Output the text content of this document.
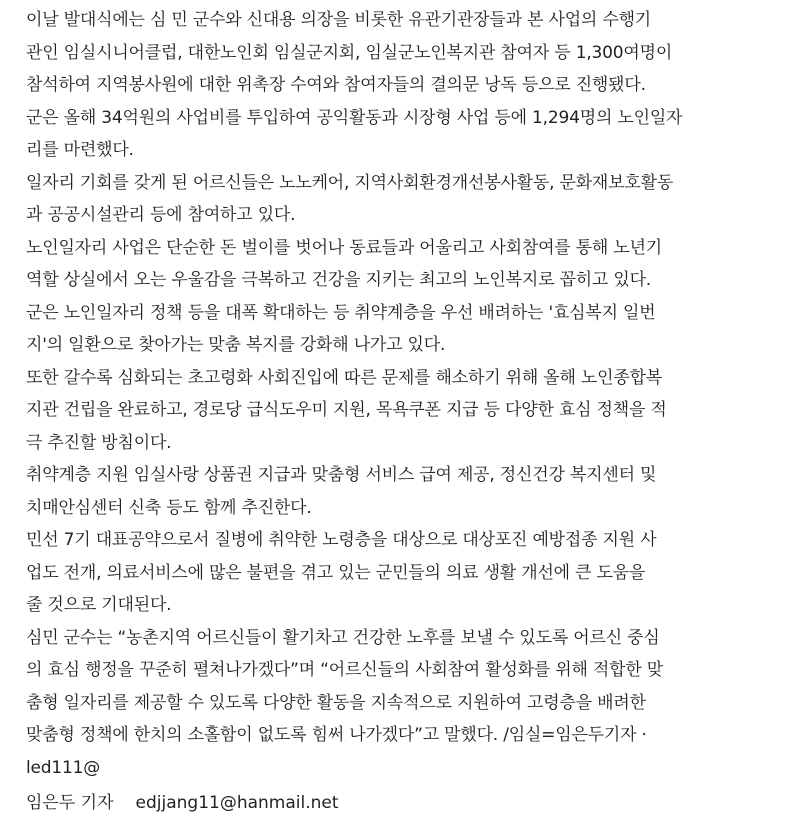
이날 발대식에는 심 민 군수와 신대용 의장을 비롯한 유관기관장들과 본 사업의 수행기
관인 임실시니어클럽, 대한노인회 임실군지회, 임실군노인복지관 참여자 등 1,300여명이
참석하여 지역봉사원에 대한 위촉장 수여와 참여자들의 결의문 낭독 등으로 진행됐다.

군은 올해 34억원의 사업비를 투입하여 공익활동과 시장형 사업 등에 1,294명의 노인일자
리를 마련했다.

일자리 기회를 갖게 된 어르신들은 노노케어, 지역사회환경개선봉사활동, 문화재보호활동
과 공공시설관리 등에 참여하고 있다.

노인일자리 사업은 단순한 돈 벌이를 벗어나 동료들과 어울리고 사회참여를 통해 노년기
역할 상실에서 오는 우울감을 극복하고 건강을 지키는 최고의 노인복지로 꼽히고 있다.

군은 노인일자리 정책 등을 대폭 확대하는 등 취약계층을 우선 배려하는 '효심복지 일번
지'의 일환으로 찾아가는 맞춤 복지를 강화해 나가고 있다.

또한 갈수록 심화되는 초고령화 사회진입에 따른 문제를 해소하기 위해 올해 노인종합복
지관 건립을 완료하고, 경로당 급식도우미 지원, 목욕쿠폰 지급 등 다양한 효심 정책을 적
극 추진할 방침이다.

취약계층 지원 임실사랑 상품권 지급과 맞춤형 서비스 급여 제공, 정신건강 복지센터 및
치매안심센터 신축 등도 함께 추진한다.

민선 7기 대표공약으로서 질병에 취약한 노령층을 대상으로 대상포진 예방접종 지원 사
업도 전개, 의료서비스에 많은 불편을 겪고 있는 군민들의 의료 생활 개선에 큰 도움을
줄 것으로 기대된다.

심민 군수는 “농촌지역 어르신들이 활기차고 건강한 노후를 보낼 수 있도록 어르신 중심
의 효심 행정을 꾸준히 펼쳐나가겠다”며 “어르신들의 사회참여 활성화를 위해 적합한 맞
춤형 일자리를 제공할 수 있도록 다양한 활동을 지속적으로 지원하여 고령층을 배려한
맞춤형 정책에 한치의 소홀함이 없도록 힘써 나가겠다”고 말했다. /임실=임은두기자 ·
led111@

임은두 기자 edjjang11@hanmail.net
